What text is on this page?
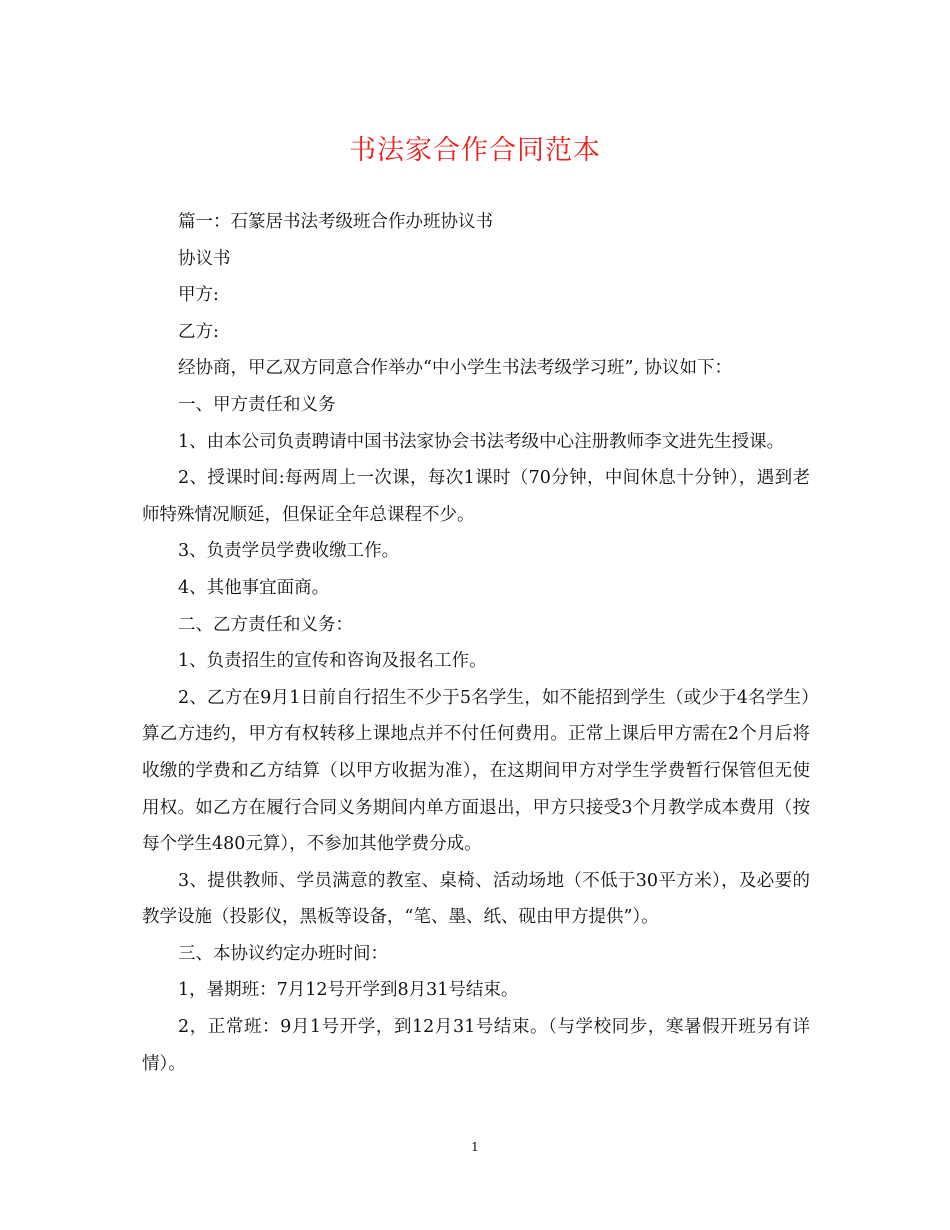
书法家合作合同范本

篇一：石篆居书法考级班合作办班协议书

协议书

甲方:

乙方:

经协商，甲乙双方同意合作举办“中小学生书法考级学习班”, 协议如下：

一、甲方责任和义务

1、由本公司负责聘请中国书法家协会书法考级中心注册教师李文进先生授课。

2、授课时间:每两周上一次课，每次1课时（70分钟，中间休息十分钟），遇到老师特殊情况顺延，但保证全年总课程不少。

3、负责学员学费收缴工作。

4、其他事宜面商。

二、乙方责任和义务：

1、负责招生的宣传和咨询及报名工作。

2、乙方在9月1日前自行招生不少于5名学生，如不能招到学生（或少于4名学生）算乙方违约，甲方有权转移上课地点并不付任何费用。正常上课后甲方需在2个月后将收缴的学费和乙方结算（以甲方收据为准），在这期间甲方对学生学费暂行保管但无使用权。如乙方在履行合同义务期间内单方面退出，甲方只接受3个月教学成本费用（按每个学生480元算），不参加其他学费分成。

3、提供教师、学员满意的教室、桌椅、活动场地（不低于30平方米），及必要的教学设施（投影仪，黑板等设备，“笔、墨、纸、砚由甲方提供”）。

三、本协议约定办班时间：

1，暑期班：7月12号开学到8月31号结束。

2，正常班：9月1号开学，到12月31号结束。（与学校同步，寒暑假开班另有详情）。

1
